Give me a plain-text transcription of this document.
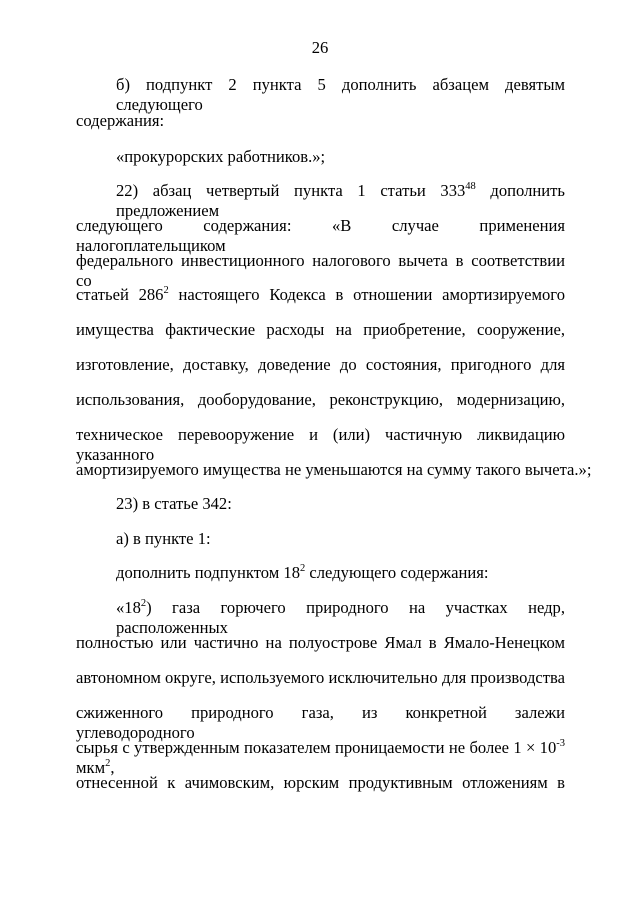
26
б) подпункт 2 пункта 5 дополнить абзацем девятым следующего
содержания:
«прокурорских работников.»;
22) абзац четвертый пункта 1 статьи $333^{48}$ дополнить предложением
следующего содержания: «В случае применения налогоплательщиком
федерального инвестиционного налогового вычета в соответствии со
статьей $286^2$ настоящего Кодекса в отношении амортизируемого
имущества фактические расходы на приобретение, сооружение,
изготовление, доставку, доведение до состояния, пригодного для
использования, дооборудование, реконструкцию, модернизацию,
техническое перевооружение и (или) частичную ликвидацию указанного
амортизируемого имущества не уменьшаются на сумму такого вычета.»;
23) в статье 342:
а) в пункте 1:
дополнить подпунктом $18^2$ следующего содержания:
«$18^2$) газа горючего природного на участках недр, расположенных
полностью или частично на полуострове Ямал в Ямало-Ненецком
автономном округе, используемого исключительно для производства
сжиженного природного газа, из конкретной залежи углеводородного
сырья с утвержденным показателем проницаемости не более $1 \times 10^{-3}$ мкм$^2$,
отнесенной к ачимовским, юрским продуктивным отложениям в
